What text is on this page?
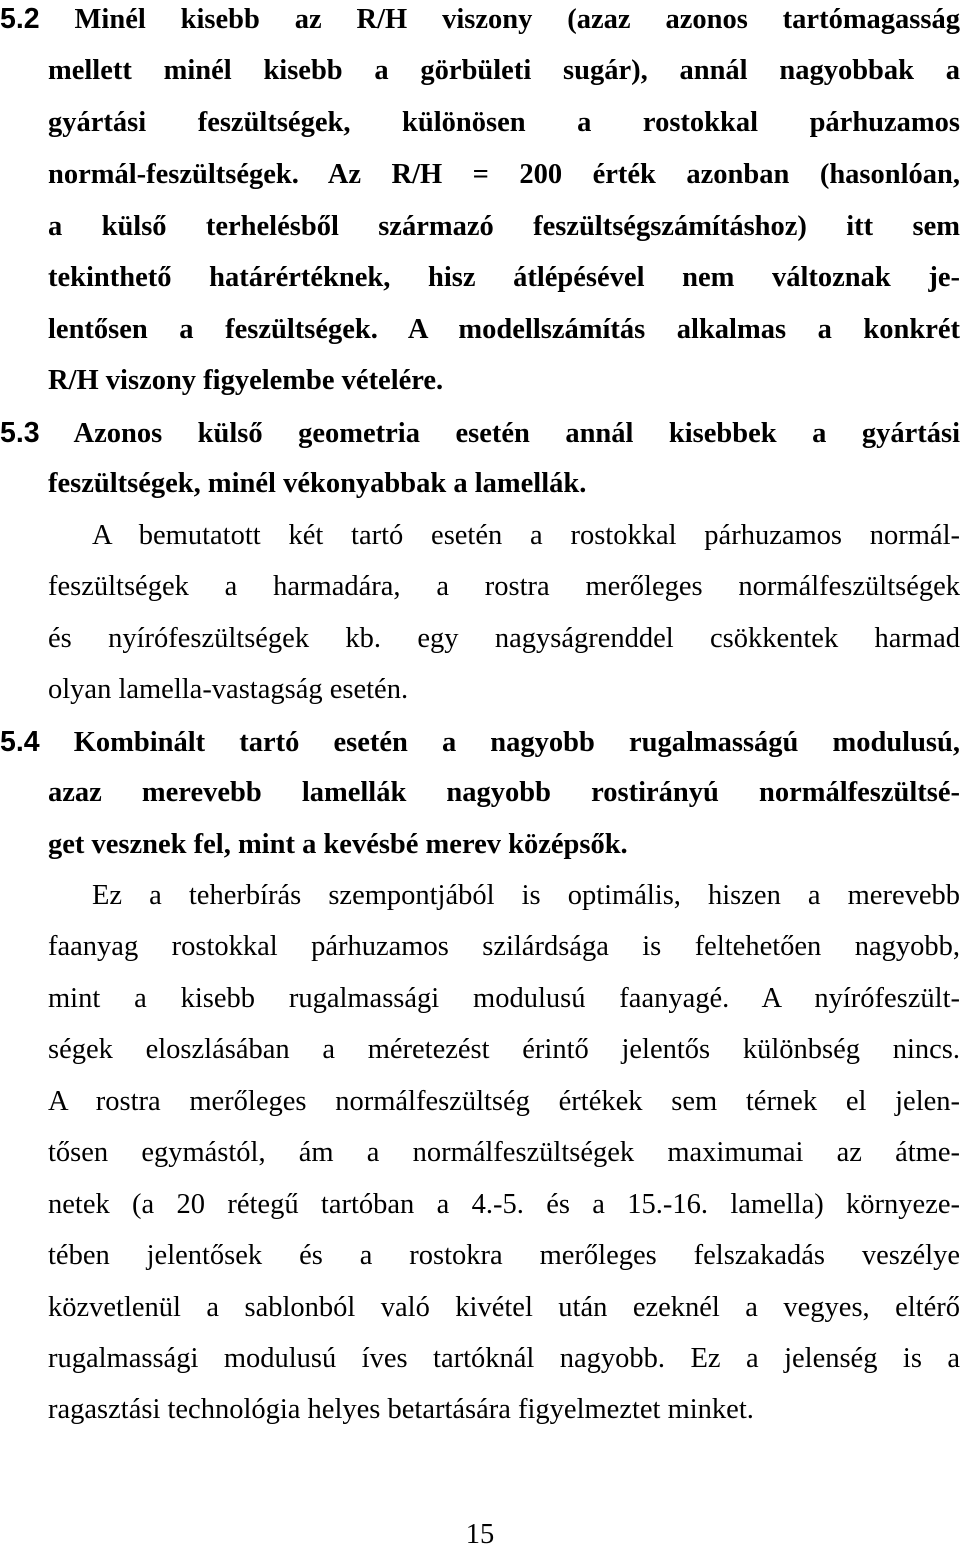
5.2 Minél kisebb az R/H viszony (azaz azonos tartómagasság
mellett minél kisebb a görbületi sugár), annál nagyobbak a
gyártási feszültségek, különösen a rostokkal párhuzamos
normál-feszültségek. Az R/H = 200 érték azonban (hasonlóan,
a külső terhelésből származó feszültségszámításhoz) itt sem
tekinthető határértéknek, hisz átlépésével nem változnak je-
lentősen a feszültségek. A modellszámítás alkalmas a konkrét
R/H viszony figyelembe vételére.
5.3 Azonos külső geometria esetén annál kisebbek a gyártási
feszültségek, minél vékonyabbak a lamellák.
A bemutatott két tartó esetén a rostokkal párhuzamos normál-
feszültségek a harmadára, a rostra merőleges normálfeszültségek
és nyírófeszültségek kb. egy nagyságrenddel csökkentek harmad
olyan lamella-vastagság esetén.
5.4 Kombinált tartó esetén a nagyobb rugalmasságú modulusú,
azaz merevebb lamellák nagyobb rostirányú normálfeszültsé-
get vesznek fel, mint a kevésbé merev középsők.
Ez a teherbírás szempontjából is optimális, hiszen a merevebb
faanyag rostokkal párhuzamos szilárdsága is feltehetően nagyobb,
mint a kisebb rugalmassági modulusú faanyagé. A nyírófeszült-
ségek eloszlásában a méretezést érintő jelentős különbség nincs.
A rostra merőleges normálfeszültség értékek sem térnek el jelen-
tősen egymástól, ám a normálfeszültségek maximumai az átme-
netek (a 20 rétegű tartóban a 4.-5. és a 15.-16. lamella) környeze-
tében jelentősek és a rostokra merőleges felszakadás veszélye
közvetlenül a sablonból való kivétel után ezeknél a vegyes, eltérő
rugalmassági modulusú íves tartóknál nagyobb. Ez a jelenség is a
ragasztási technológia helyes betartására figyelmeztet minket.
15
